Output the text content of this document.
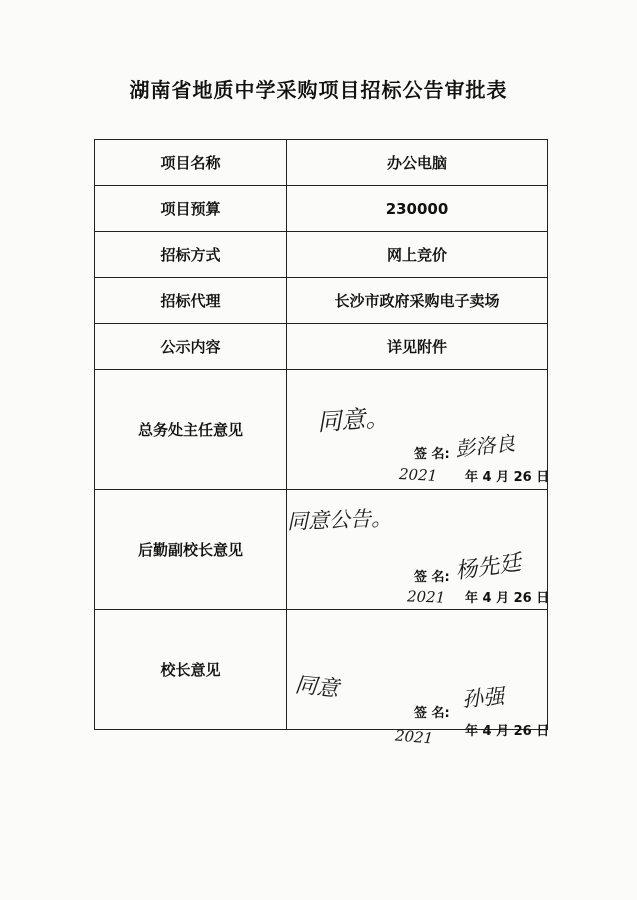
湖南省地质中学采购项目招标公告审批表
项目名称	办公电脑
项目预算	230000
招标方式	网上竞价
招标代理	长沙市政府采购电子卖场
公示内容	详见附件
总务处主任意见	同意。
签 名: 彭洛良
2021 年 4 月 26 日

后勤副校长意见	同意公告。
签 名: 杨先廷
2021 年 4 月 26 日

校长意见	同意
签 名:
孙强
2021 年 4 月 26 日
